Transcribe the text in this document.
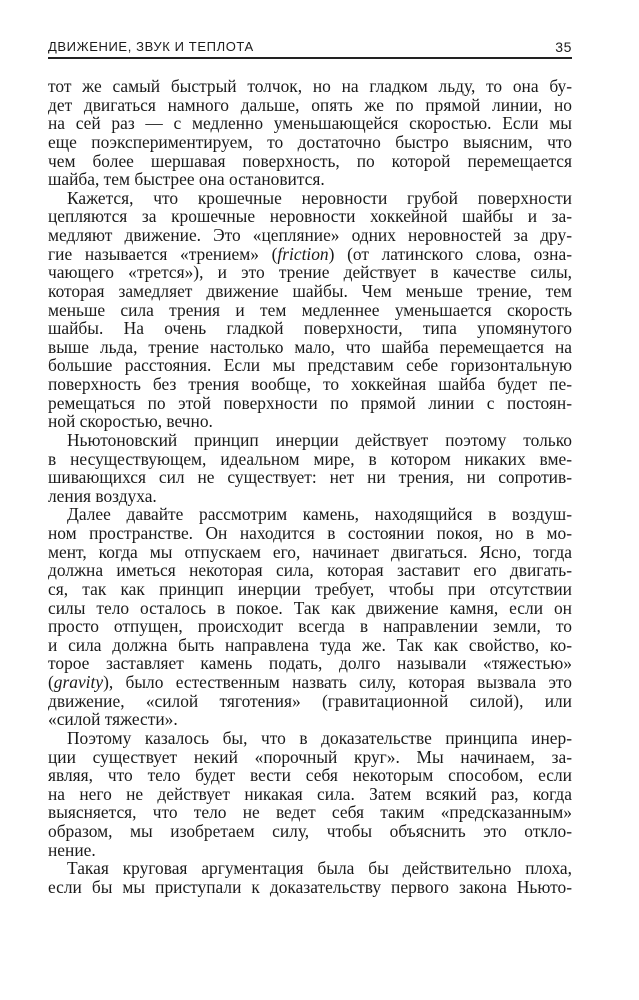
ДВИЖЕНИЕ, ЗВУК И ТЕПЛОТА	35
тот же самый быстрый толчок, но на гладком льду, то она бу-
дет двигаться намного дальше, опять же по прямой линии, но
на сей раз — с медленно уменьшающейся скоростью. Если мы
еще поэкспериментируем, то достаточно быстро выясним, что
чем более шершавая поверхность, по которой перемещается
шайба, тем быстрее она остановится.
Кажется, что крошечные неровности грубой поверхности
цепляются за крошечные неровности хоккейной шайбы и за-
медляют движение. Это «цепляние» одних неровностей за дру-
гие называется «трением» (friction) (от латинского слова, озна-
чающего «трется»), и это трение действует в качестве силы,
которая замедляет движение шайбы. Чем меньше трение, тем
меньше сила трения и тем медленнее уменьшается скорость
шайбы. На очень гладкой поверхности, типа упомянутого
выше льда, трение настолько мало, что шайба перемещается на
большие расстояния. Если мы представим себе горизонтальную
поверхность без трения вообще, то хоккейная шайба будет пе-
ремещаться по этой поверхности по прямой линии с постоян-
ной скоростью, вечно.
Ньютоновский принцип инерции действует поэтому только
в несуществующем, идеальном мире, в котором никаких вме-
шивающихся сил не существует: нет ни трения, ни сопротив-
ления воздуха.
Далее давайте рассмотрим камень, находящийся в воздуш-
ном пространстве. Он находится в состоянии покоя, но в мо-
мент, когда мы отпускаем его, начинает двигаться. Ясно, тогда
должна иметься некоторая сила, которая заставит его двигать-
ся, так как принцип инерции требует, чтобы при отсутствии
силы тело осталось в покое. Так как движение камня, если он
просто отпущен, происходит всегда в направлении земли, то
и сила должна быть направлена туда же. Так как свойство, ко-
торое заставляет камень подать, долго называли «тяжестью»
(gravity), было естественным назвать силу, которая вызвала это
движение, «силой тяготения» (гравитационной силой), или
«силой тяжести».
Поэтому казалось бы, что в доказательстве принципа инер-
ции существует некий «порочный круг». Мы начинаем, за-
являя, что тело будет вести себя некоторым способом, если
на него не действует никакая сила. Затем всякий раз, когда
выясняется, что тело не ведет себя таким «предсказанным»
образом, мы изобретаем силу, чтобы объяснить это откло-
нение.
Такая круговая аргументация была бы действительно плоха,
если бы мы приступали к доказательству первого закона Ньюто-
